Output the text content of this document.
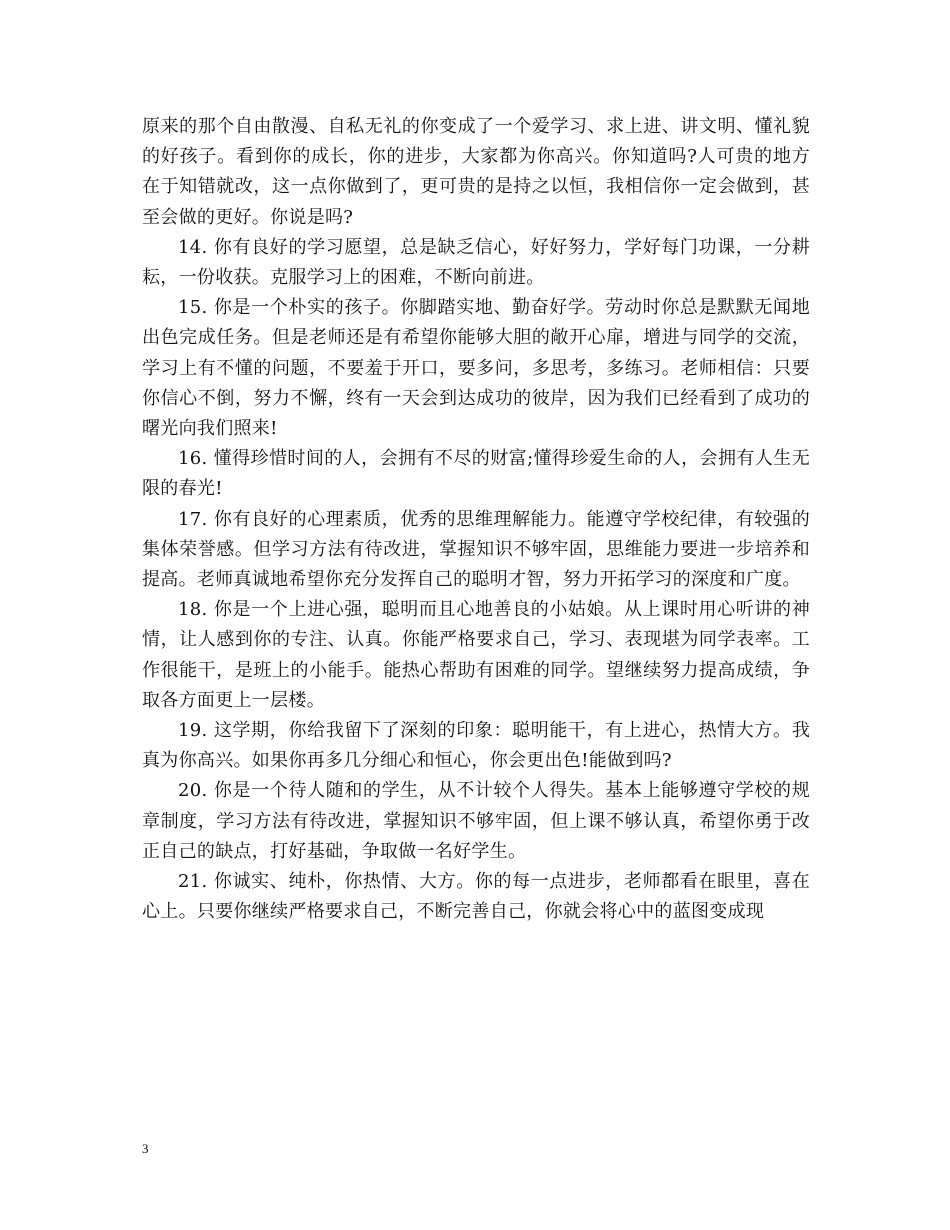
原来的那个自由散漫、自私无礼的你变成了一个爱学习、求上进、讲文明、懂礼貌的好孩子。看到你的成长，你的进步，大家都为你高兴。你知道吗?人可贵的地方在于知错就改，这一点你做到了，更可贵的是持之以恒，我相信你一定会做到，甚至会做的更好。你说是吗?

14. 你有良好的学习愿望，总是缺乏信心，好好努力，学好每门功课，一分耕耘，一份收获。克服学习上的困难，不断向前进。

15. 你是一个朴实的孩子。你脚踏实地、勤奋好学。劳动时你总是默默无闻地出色完成任务。但是老师还是有希望你能够大胆的敞开心扉，增进与同学的交流，学习上有不懂的问题，不要羞于开口，要多问，多思考，多练习。老师相信：只要你信心不倒，努力不懈，终有一天会到达成功的彼岸，因为我们已经看到了成功的曙光向我们照来!

16. 懂得珍惜时间的人，会拥有不尽的财富;懂得珍爱生命的人，会拥有人生无限的春光!

17. 你有良好的心理素质，优秀的思维理解能力。能遵守学校纪律，有较强的集体荣誉感。但学习方法有待改进，掌握知识不够牢固，思维能力要进一步培养和提高。老师真诚地希望你充分发挥自己的聪明才智，努力开拓学习的深度和广度。

18. 你是一个上进心强，聪明而且心地善良的小姑娘。从上课时用心听讲的神情，让人感到你的专注、认真。你能严格要求自己，学习、表现堪为同学表率。工作很能干，是班上的小能手。能热心帮助有困难的同学。望继续努力提高成绩，争取各方面更上一层楼。

19. 这学期，你给我留下了深刻的印象：聪明能干，有上进心，热情大方。我真为你高兴。如果你再多几分细心和恒心，你会更出色!能做到吗?

20. 你是一个待人随和的学生，从不计较个人得失。基本上能够遵守学校的规章制度，学习方法有待改进，掌握知识不够牢固，但上课不够认真，希望你勇于改正自己的缺点，打好基础，争取做一名好学生。

21. 你诚实、纯朴，你热情、大方。你的每一点进步，老师都看在眼里，喜在心上。只要你继续严格要求自己，不断完善自己，你就会将心中的蓝图变成现

3
